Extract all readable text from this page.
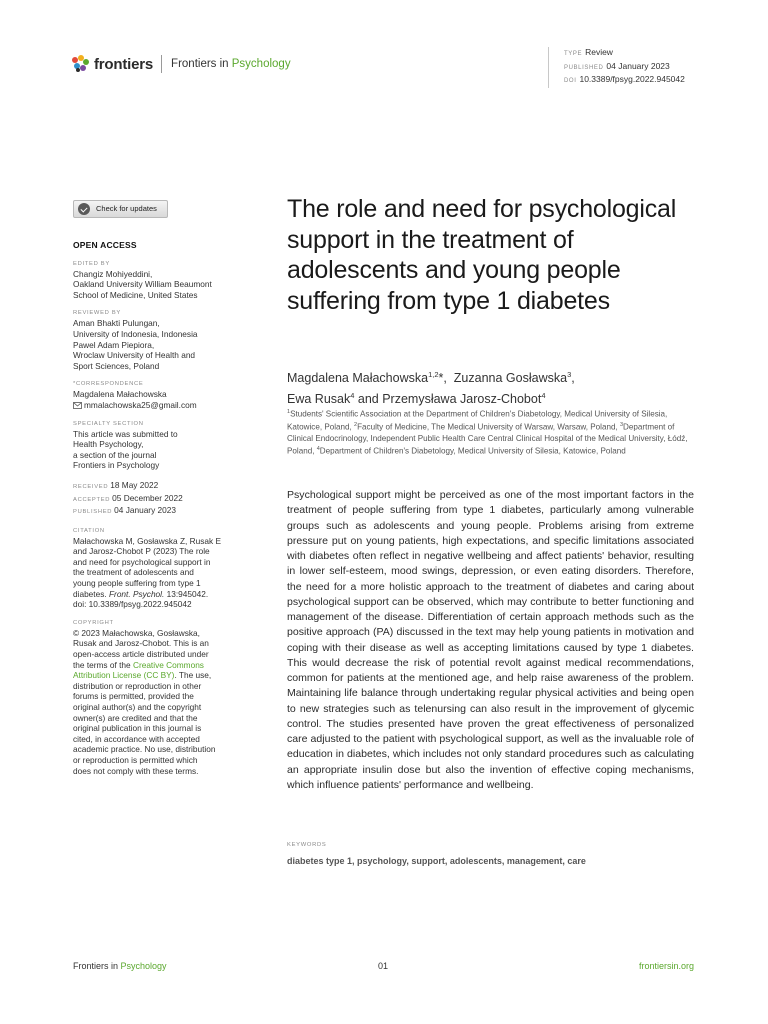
frontiers Frontiers in Psychology
TYPE Review
PUBLISHED 04 January 2023
DOI 10.3389/fpsyg.2022.945042
Check for updates
OPEN ACCESS
EDITED BY
Changiz Mohiyeddini,
Oakland University William Beaumont
School of Medicine, United States
REVIEWED BY
Aman Bhakti Pulungan,
University of Indonesia, Indonesia
Pawel Adam Piepiora,
Wroclaw University of Health and
Sport Sciences, Poland
*CORRESPONDENCE
Magdalena Małachowska
mmalachowska25@gmail.com
SPECIALTY SECTION
This article was submitted to
Health Psychology,
a section of the journal
Frontiers in Psychology
RECEIVED 18 May 2022
ACCEPTED 05 December 2022
PUBLISHED 04 January 2023
CITATION
Małachowska M, Gosławska Z, Rusak E
and Jarosz-Chobot P (2023) The role
and need for psychological support in
the treatment of adolescents and
young people suffering from type 1
diabetes. Front. Psychol. 13:945042.
doi: 10.3389/fpsyg.2022.945042
COPYRIGHT
© 2023 Małachowska, Gosławska,
Rusak and Jarosz-Chobot. This is an
open-access article distributed under
the terms of the Creative Commons
Attribution License (CC BY). The use,
distribution or reproduction in other
forums is permitted, provided the
original author(s) and the copyright
owner(s) are credited and that the
original publication in this journal is
cited, in accordance with accepted
academic practice. No use, distribution
or reproduction is permitted which
does not comply with these terms.
The role and need for psychological support in the treatment of adolescents and young people suffering from type 1 diabetes
Magdalena Małachowska$^{1,2}$*, Zuzanna Gosławska$^3$,
Ewa Rusak$^4$ and Przemysława Jarosz-Chobot$^4$
$^1$Students' Scientific Association at the Department of Children's Diabetology, Medical University of Silesia, Katowice, Poland, $^2$Faculty of Medicine, The Medical University of Warsaw, Warsaw, Poland, $^3$Department of Clinical Endocrinology, Independent Public Health Care Central Clinical Hospital of the Medical University, Łódź, Poland, $^4$Department of Children's Diabetology, Medical University of Silesia, Katowice, Poland

Psychological support might be perceived as one of the most important factors in the treatment of people suffering from type 1 diabetes, particularly among vulnerable groups such as adolescents and young people. Problems arising from extreme pressure put on young patients, high expectations, and specific limitations associated with diabetes often reflect in negative wellbeing and affect patients' behavior, resulting in lower self-esteem, mood swings, depression, or even eating disorders. Therefore, the need for a more holistic approach to the treatment of diabetes and caring about psychological support can be observed, which may contribute to better functioning and management of the disease. Differentiation of certain approach methods such as the positive approach (PA) discussed in the text may help young patients in motivation and coping with their disease as well as accepting limitations caused by type 1 diabetes. This would decrease the risk of potential revolt against medical recommendations, common for patients at the mentioned age, and help raise awareness of the problem. Maintaining life balance through undertaking regular physical activities and being open to new strategies such as telenursing can also result in the improvement of glycemic control. The studies presented have proven the great effectiveness of personalized care adjusted to the patient with psychological support, as well as the invaluable role of education in diabetes, which includes not only standard procedures such as calculating an appropriate insulin dose but also the invention of effective coping mechanisms, which influence patients' performance and wellbeing.

KEYWORDS
diabetes type 1, psychology, support, adolescents, management, care
Frontiers in Psychology	01	frontiersin.org
